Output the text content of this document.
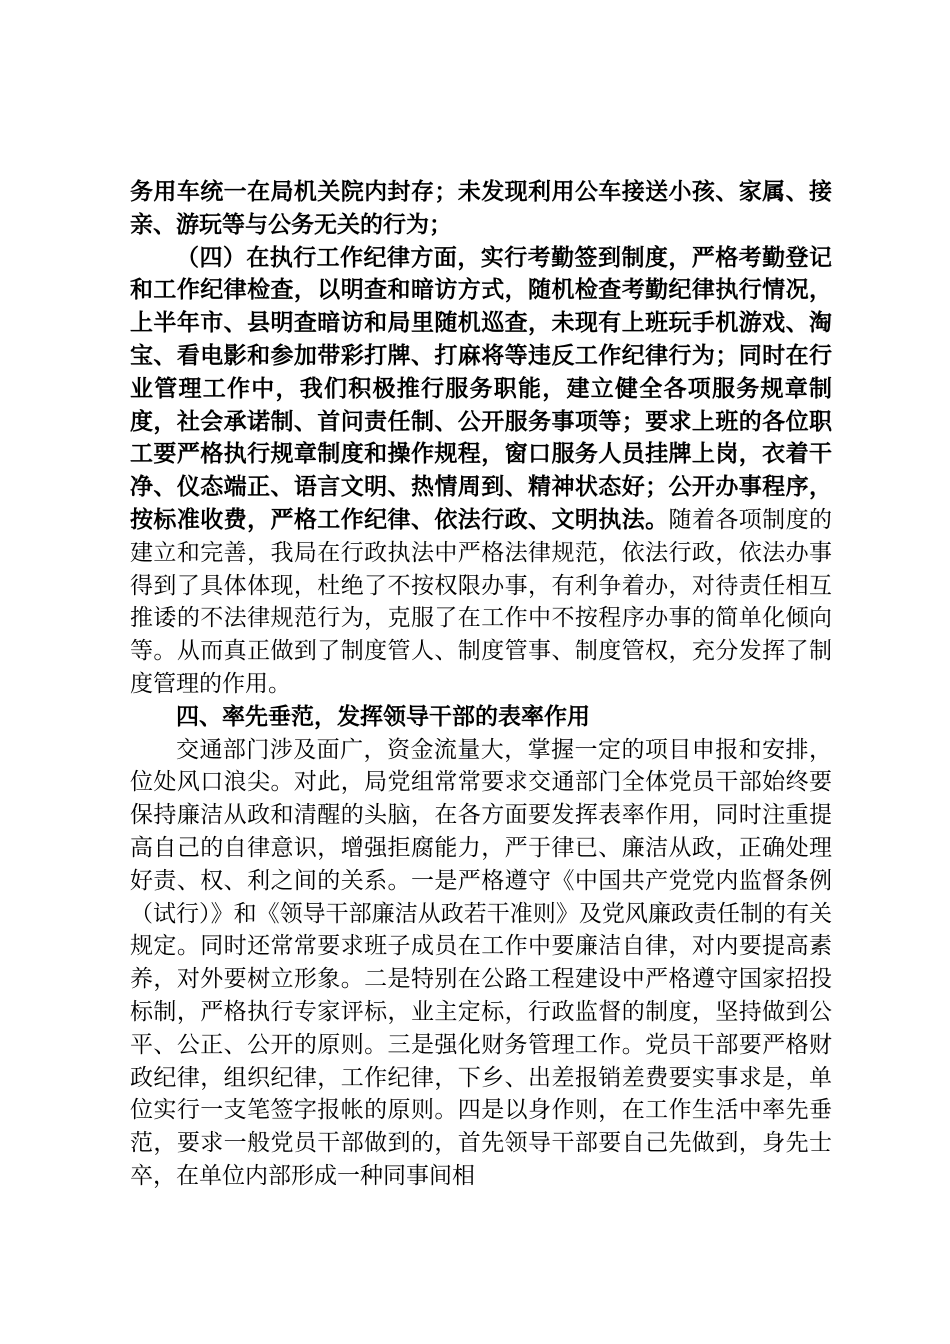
务用车统一在局机关院内封存；未发现利用公车接送小孩、家属、接亲、游玩等与公务无关的行为；

（四）在执行工作纪律方面，实行考勤签到制度，严格考勤登记和工作纪律检查，以明查和暗访方式，随机检查考勤纪律执行情况，上半年市、县明查暗访和局里随机巡查，未现有上班玩手机游戏、淘宝、看电影和参加带彩打牌、打麻将等违反工作纪律行为；同时在行业管理工作中，我们积极推行服务职能，建立健全各项服务规章制度，社会承诺制、首问责任制、公开服务事项等；要求上班的各位职工要严格执行规章制度和操作规程，窗口服务人员挂牌上岗，衣着干净、仪态端正、语言文明、热情周到、精神状态好；公开办事程序，按标准收费，严格工作纪律、依法行政、文明执法。随着各项制度的建立和完善，我局在行政执法中严格法律规范，依法行政，依法办事得到了具体体现，杜绝了不按权限办事，有利争着办，对待责任相互推诿的不法律规范行为，克服了在工作中不按程序办事的简单化倾向等。从而真正做到了制度管人、制度管事、制度管权，充分发挥了制度管理的作用。

四、率先垂范，发挥领导干部的表率作用

交通部门涉及面广，资金流量大，掌握一定的项目申报和安排，位处风口浪尖。对此，局党组常常要求交通部门全体党员干部始终要保持廉洁从政和清醒的头脑，在各方面要发挥表率作用，同时注重提高自己的自律意识，增强拒腐能力，严于律已、廉洁从政，正确处理好责、权、利之间的关系。一是严格遵守《中国共产党党内监督条例（试行）》和《领导干部廉洁从政若干准则》及党风廉政责任制的有关规定。同时还常常要求班子成员在工作中要廉洁自律，对内要提高素养，对外要树立形象。二是特别在公路工程建设中严格遵守国家招投标制，严格执行专家评标，业主定标，行政监督的制度，坚持做到公平、公正、公开的原则。三是强化财务管理工作。党员干部要严格财政纪律，组织纪律，工作纪律，下乡、出差报销差费要实事求是，单位实行一支笔签字报帐的原则。四是以身作则，在工作生活中率先垂范，要求一般党员干部做到的，首先领导干部要自己先做到，身先士卒，在单位内部形成一种同事间相
